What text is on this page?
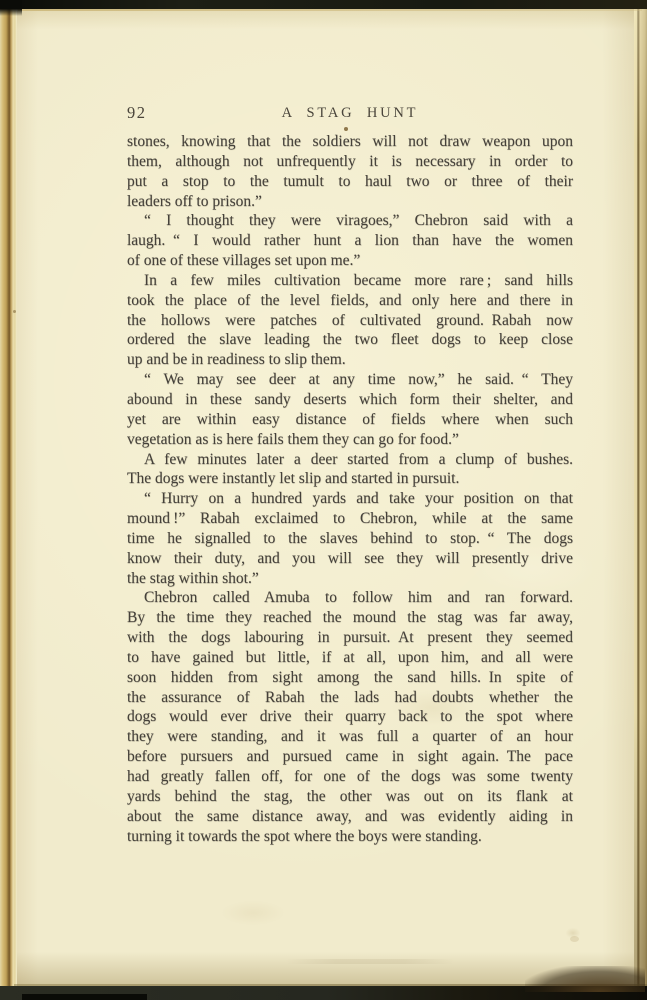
92	A STAG HUNT
stones, knowing that the soldiers will not draw weapon upon
them, although not unfrequently it is necessary in order to
put a stop to the tumult to haul two or three of their
leaders off to prison.”
“ I thought they were viragoes,” Chebron said with a
laugh. “ I would rather hunt a lion than have the women
of one of these villages set upon me.”
In a few miles cultivation became more rare ; sand hills
took the place of the level fields, and only here and there in
the hollows were patches of cultivated ground. Rabah now
ordered the slave leading the two fleet dogs to keep close
up and be in readiness to slip them.
“ We may see deer at any time now,” he said. “ They
abound in these sandy deserts which form their shelter, and
yet are within easy distance of fields where when such
vegetation as is here fails them they can go for food.”
A few minutes later a deer started from a clump of bushes.
The dogs were instantly let slip and started in pursuit.
“ Hurry on a hundred yards and take your position on that
mound !” Rabah exclaimed to Chebron, while at the same
time he signalled to the slaves behind to stop. “ The dogs
know their duty, and you will see they will presently drive
the stag within shot.”
Chebron called Amuba to follow him and ran forward.
By the time they reached the mound the stag was far away,
with the dogs labouring in pursuit. At present they seemed
to have gained but little, if at all, upon him, and all were
soon hidden from sight among the sand hills. In spite of
the assurance of Rabah the lads had doubts whether the
dogs would ever drive their quarry back to the spot where
they were standing, and it was full a quarter of an hour
before pursuers and pursued came in sight again. The pace
had greatly fallen off, for one of the dogs was some twenty
yards behind the stag, the other was out on its flank at
about the same distance away, and was evidently aiding in
turning it towards the spot where the boys were standing.
